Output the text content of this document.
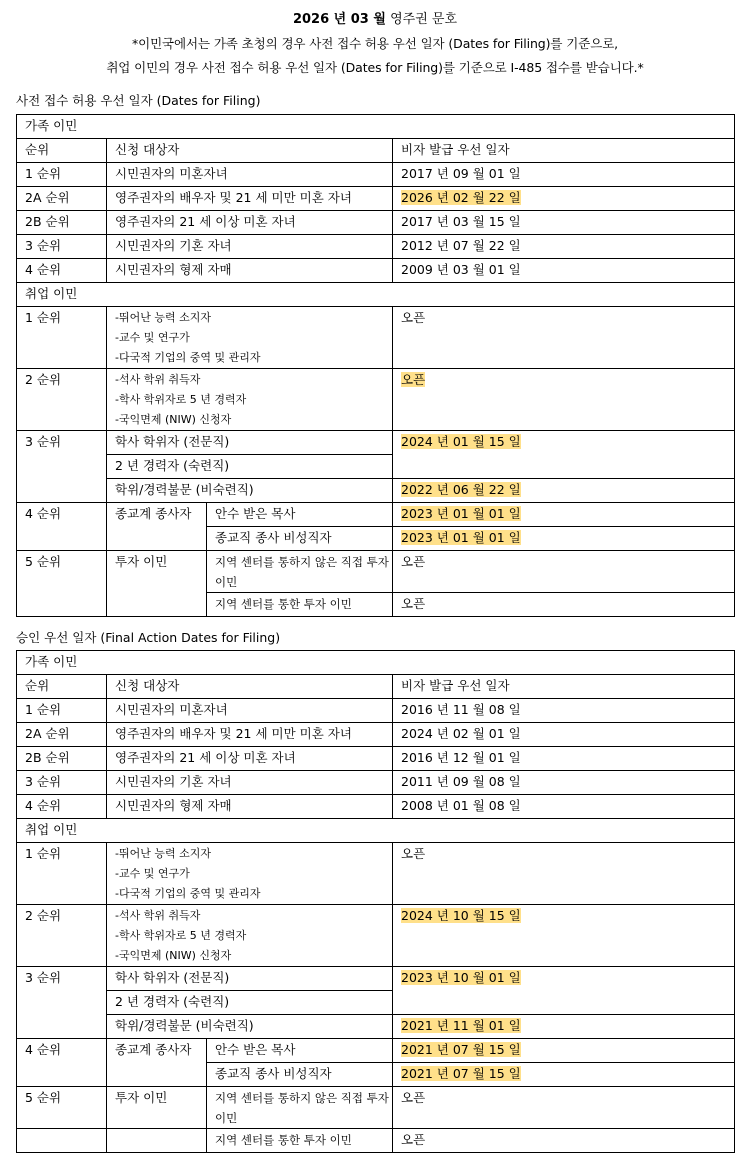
2026 년 03 월 영주권 문호
*이민국에서는 가족 초청의 경우 사전 접수 허용 우선 일자 (Dates for Filing)를 기준으로,
취업 이민의 경우 사전 접수 허용 우선 일자 (Dates for Filing)를 기준으로 I-485 접수를 받습니다.*
사전 접수 허용 우선 일자 (Dates for Filing)
가족 이민			
순위	신청 대상자		비자 발급 우선 일자
1 순위	시민권자의 미혼자녀		2017 년 09 월 01 일
2A 순위	영주권자의 배우자 및 21 세 미만 미혼 자녀		2026 년 02 월 22 일
2B 순위	영주권자의 21 세 이상 미혼 자녀		2017 년 03 월 15 일
3 순위	시민권자의 기혼 자녀		2012 년 07 월 22 일
4 순위	시민권자의 형제 자매		2009 년 03 월 01 일
취업 이민			
1 순위	-뛰어난 능력 소지자
-교수 및 연구가
-다국적 기업의 중역 및 관리자		오픈
2 순위	-석사 학위 취득자
-학사 학위자로 5 년 경력자
-국익면제 (NIW) 신청자		오픈
3 순위	학사 학위자 (전문직)		2024 년 01 월 15 일
	2 년 경력자 (숙련직)		
	학위/경력불문 (비숙련직)		2022 년 06 월 22 일
4 순위	종교계 종사자	안수 받은 목사	2023 년 01 월 01 일
		종교직 종사 비성직자	2023 년 01 월 01 일
5 순위	투자 이민	지역 센터를 통하지 않은 직접 투자 이민	오픈
		지역 센터를 통한 투자 이민	오픈
승인 우선 일자 (Final Action Dates for Filing)
가족 이민			
순위	신청 대상자		비자 발급 우선 일자
1 순위	시민권자의 미혼자녀		2016 년 11 월 08 일
2A 순위	영주권자의 배우자 및 21 세 미만 미혼 자녀		2024 년 02 월 01 일
2B 순위	영주권자의 21 세 이상 미혼 자녀		2016 년 12 월 01 일
3 순위	시민권자의 기혼 자녀		2011 년 09 월 08 일
4 순위	시민권자의 형제 자매		2008 년 01 월 08 일
취업 이민			
1 순위	-뛰어난 능력 소지자
-교수 및 연구가
-다국적 기업의 중역 및 관리자		오픈
2 순위	-석사 학위 취득자
-학사 학위자로 5 년 경력자
-국익면제 (NIW) 신청자		2024 년 10 월 15 일
3 순위	학사 학위자 (전문직)		2023 년 10 월 01 일
	2 년 경력자 (숙련직)		
	학위/경력불문 (비숙련직)		2021 년 11 월 01 일
4 순위	종교계 종사자	안수 받은 목사	2021 년 07 월 15 일
		종교직 종사 비성직자	2021 년 07 월 15 일
5 순위	투자 이민	지역 센터를 통하지 않은 직접 투자 이민	오픈
		지역 센터를 통한 투자 이민	오픈
